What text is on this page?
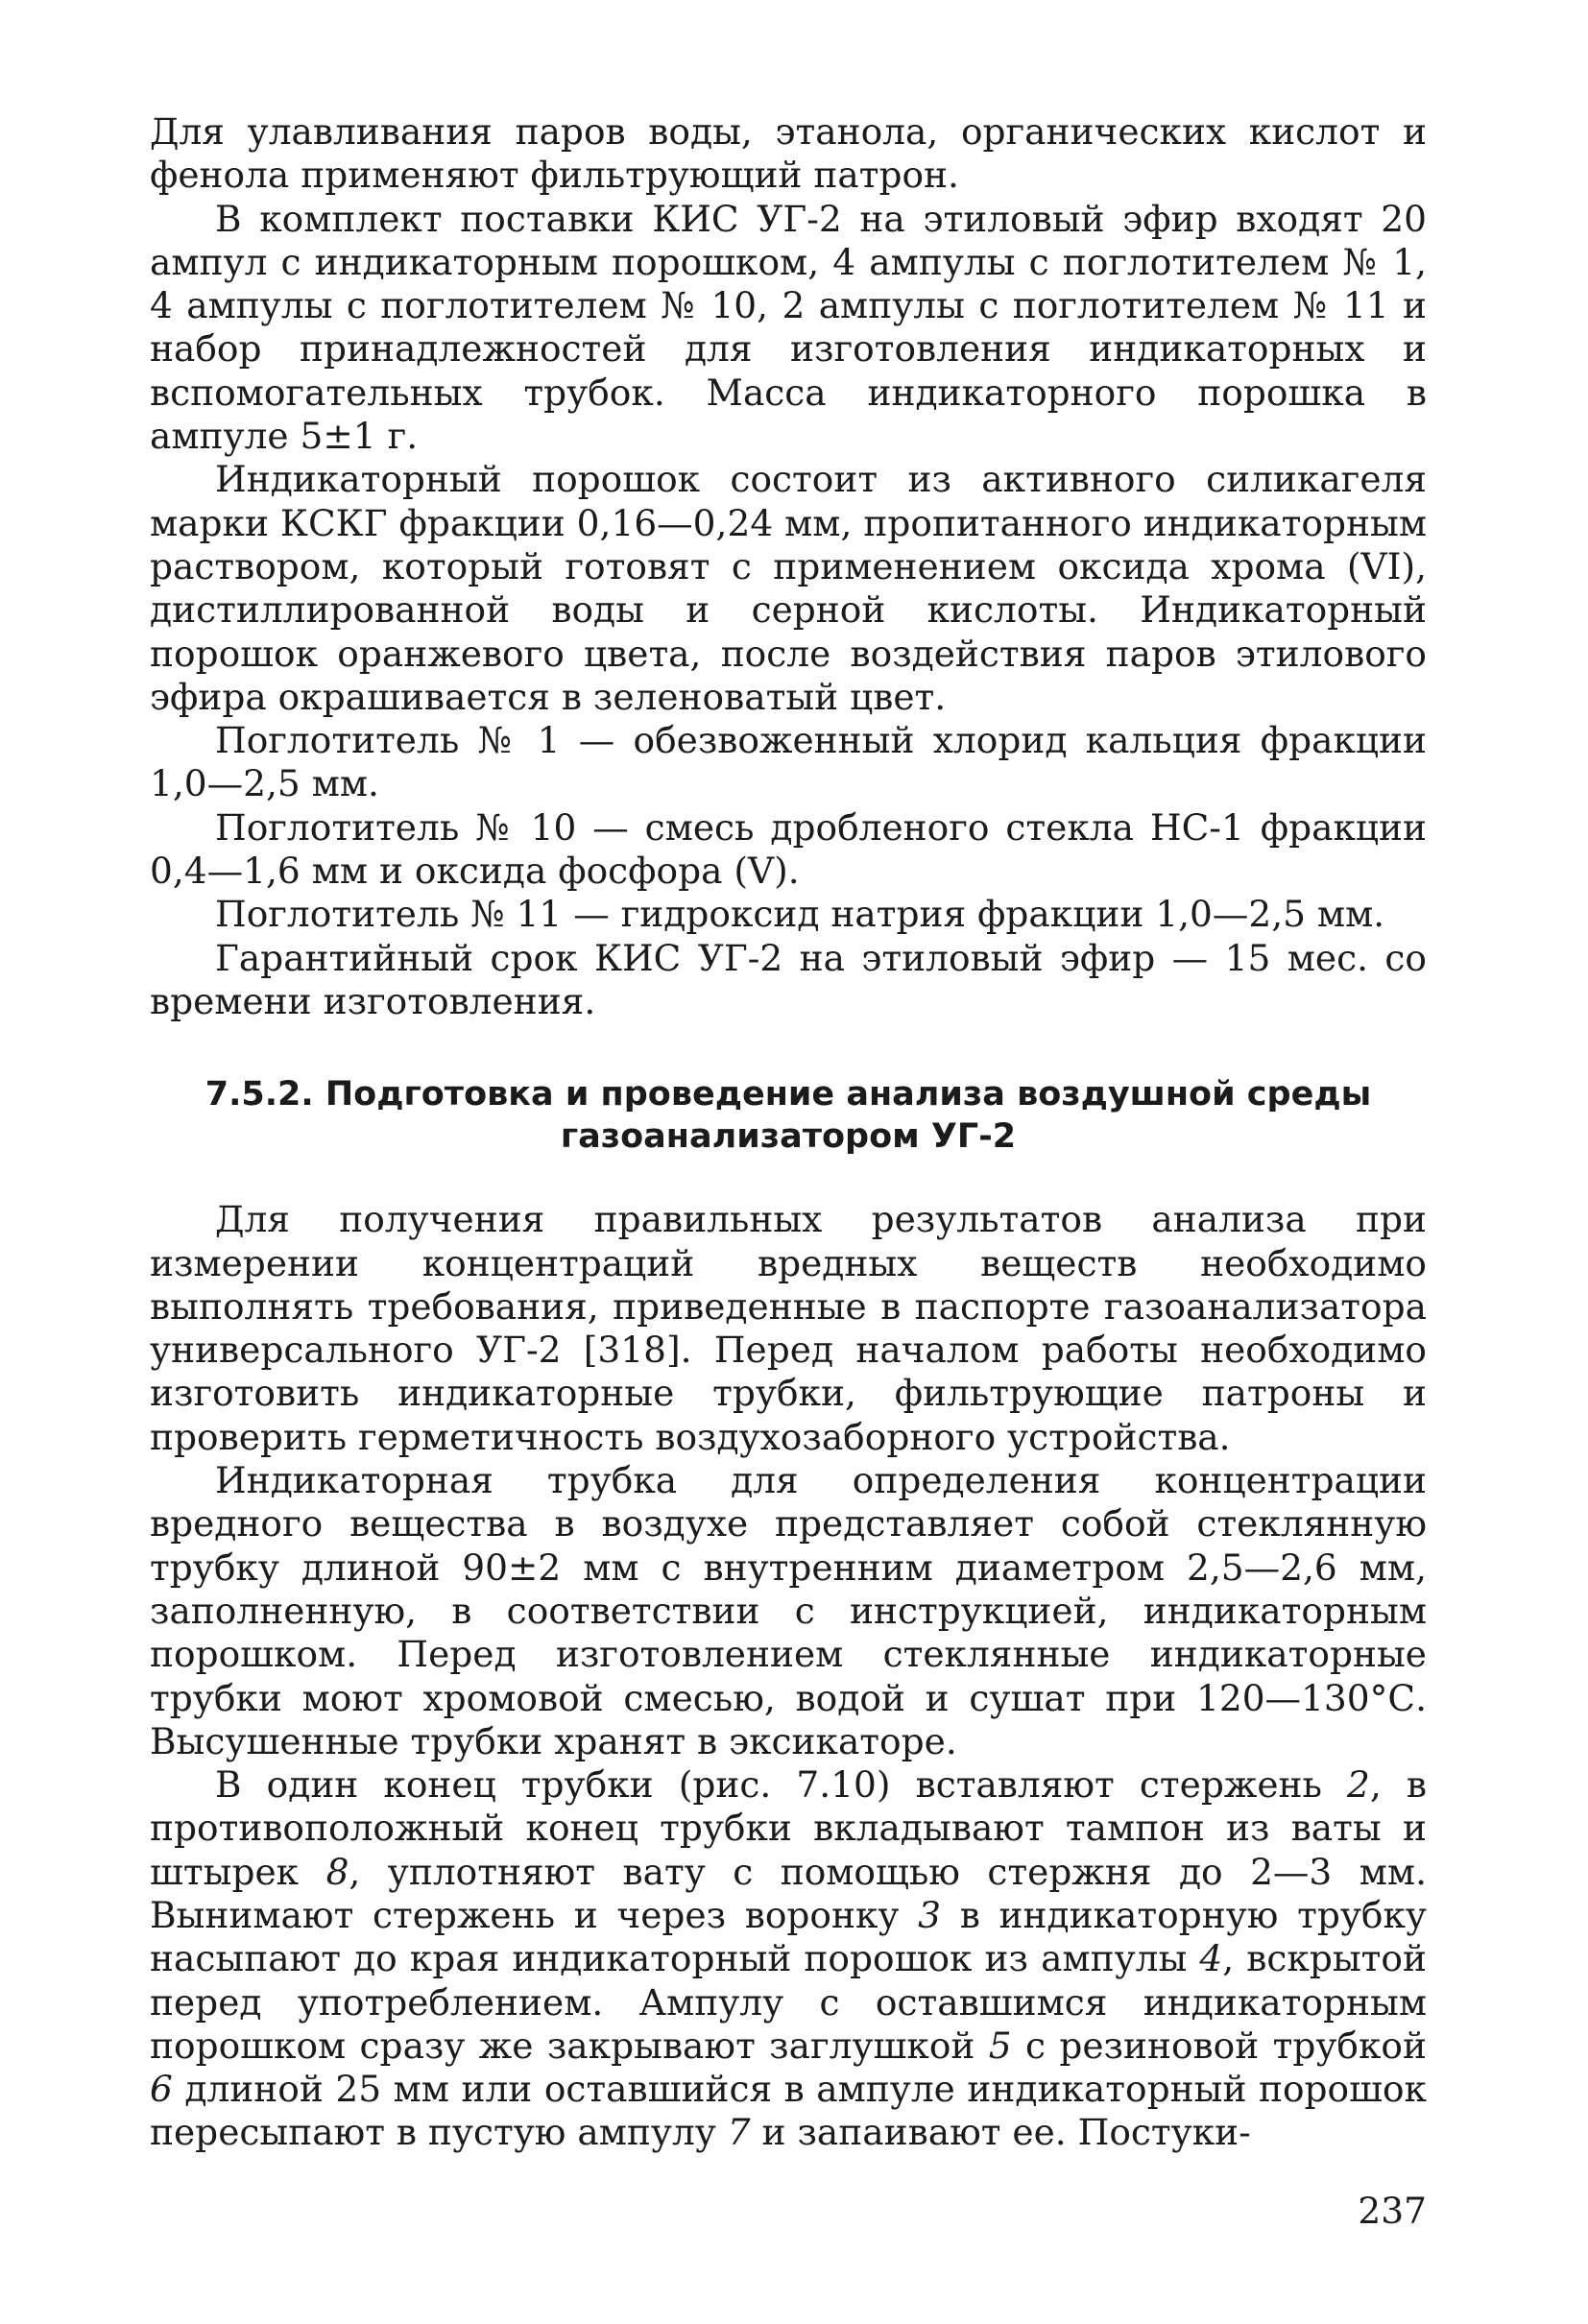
Для улавливания паров воды, этанола, органических кислот и фенола применяют фильтрующий патрон.

В комплект поставки КИС УГ-2 на этиловый эфир входят 20 ампул с индикаторным порошком, 4 ампулы с поглотителем № 1, 4 ампулы с поглотителем № 10, 2 ампулы с поглотителем № 11 и набор принадлежностей для изготовления индикаторных и вспомогательных трубок. Масса индикаторного порошка в ампуле 5±1 г.

Индикаторный порошок состоит из активного силикагеля марки КСКГ фракции 0,16—0,24 мм, пропитанного индикаторным раствором, который готовят с применением оксида хрома (VI), дистиллированной воды и серной кислоты. Индикаторный порошок оранжевого цвета, после воздействия паров этилового эфира окрашивается в зеленоватый цвет.

Поглотитель № 1 — обезвоженный хлорид кальция фракции 1,0—2,5 мм.

Поглотитель № 10 — смесь дробленого стекла НС-1 фракции 0,4—1,6 мм и оксида фосфора (V).

Поглотитель № 11 — гидроксид натрия фракции 1,0—2,5 мм.

Гарантийный срок КИС УГ-2 на этиловый эфир — 15 мес. со времени изготовления.

7.5.2. Подготовка и проведение анализа воздушной среды
газоанализатором УГ-2

Для получения правильных результатов анализа при измерении концентраций вредных веществ необходимо выполнять требования, приведенные в паспорте газоанализатора универсального УГ-2 [318]. Перед началом работы необходимо изготовить индикаторные трубки, фильтрующие патроны и проверить герметичность воздухозаборного устройства.

Индикаторная трубка для определения концентрации вредного вещества в воздухе представляет собой стеклянную трубку длиной 90±2 мм с внутренним диаметром 2,5—2,6 мм, заполненную, в соответствии с инструкцией, индикаторным порошком. Перед изготовлением стеклянные индикаторные трубки моют хромовой смесью, водой и сушат при 120—130°С. Высушенные трубки хранят в эксикаторе.

В один конец трубки (рис. 7.10) вставляют стержень 2, в противоположный конец трубки вкладывают тампон из ваты и штырек 8, уплотняют вату с помощью стержня до 2—3 мм. Вынимают стержень и через воронку 3 в индикаторную трубку насыпают до края индикаторный порошок из ампулы 4, вскрытой перед употреблением. Ампулу с оставшимся индикаторным порошком сразу же закрывают заглушкой 5 с резиновой трубкой 6 длиной 25 мм или оставшийся в ампуле индикаторный порошок пересыпают в пустую ампулу 7 и запаивают ее. Постуки-

237
